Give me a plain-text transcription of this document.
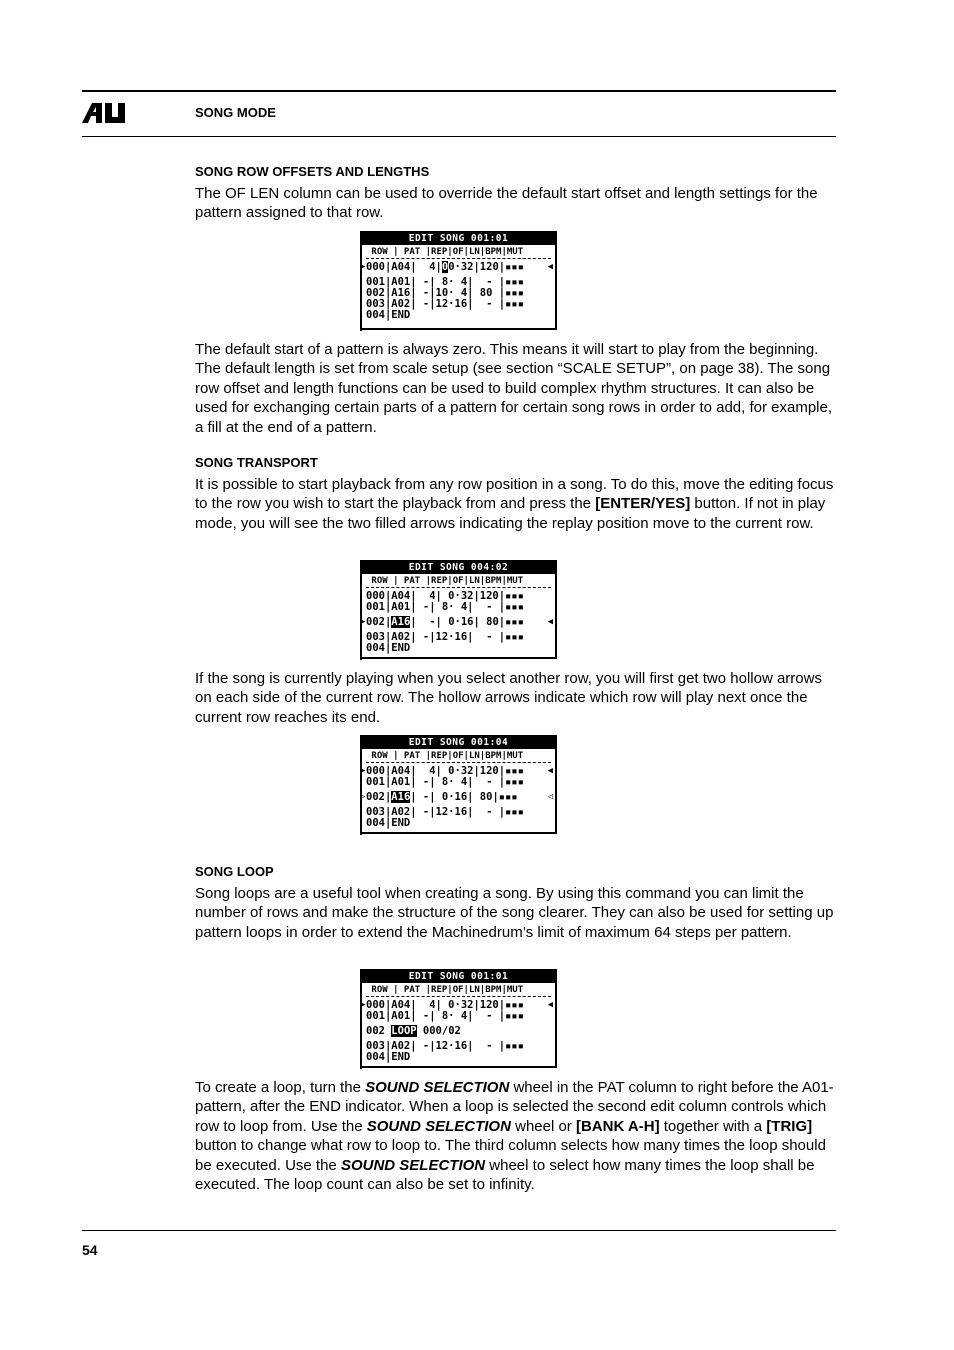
SONG MODE

SONG ROW OFFSETS AND LENGTHS

The OF LEN column can be used to override the default start offset and length settings for the pattern assigned to that row.

EDIT SONG 001:01
ROW | PAT |REP|OF|LN|BPM|MUT
▶ 000|A04|  4|00·32|120|▪▪▪	◀
001|A01| -| 8· 4|  - |▪▪▪
002|A16| -|10· 4| 80 |▪▪▪
003|A02| -|12·16|  - |▪▪▪
004|END

The default start of a pattern is always zero. This means it will start to play from the beginning. The default length is set from scale setup (see section “SCALE SETUP”, on page 38). The song row offset and length functions can be used to build complex rhythm structures. It can also be used for exchanging certain parts of a pattern for certain song rows in order to add, for example, a fill at the end of a pattern.

SONG TRANSPORT

It is possible to start playback from any row position in a song. To do this, move the editing focus to the row you wish to start the playback from and press the [ENTER/YES] button. If not in play mode, you will see the two filled arrows indicating the replay position move to the current row.

EDIT SONG 004:02
ROW | PAT |REP|OF|LN|BPM|MUT
000|A04|  4| 0·32|120|▪▪▪
001|A01| -| 8· 4|  - |▪▪▪
▶ 002|A16|  -| 0·16| 80|▪▪▪	◀
003|A02| -|12·16|  - |▪▪▪
004|END

If the song is currently playing when you select another row, you will first get two hollow arrows on each side of the current row. The hollow arrows indicate which row will play next once the current row reaches its end.

EDIT SONG 001:04
ROW | PAT |REP|OF|LN|BPM|MUT
▶ 000|A04|  4| 0·32|120|▪▪▪	◀
001|A01| -| 8· 4|  - |▪▪▪
▷ 002|A16| -| 0·16| 80|▪▪▪	◁
003|A02| -|12·16|  - |▪▪▪
004|END

SONG LOOP

Song loops are a useful tool when creating a song. By using this command you can limit the number of rows and make the structure of the song clearer. They can also be used for setting up pattern loops in order to extend the Machinedrum’s limit of maximum 64 steps per pattern.

EDIT SONG 001:01
ROW | PAT |REP|OF|LN|BPM|MUT
▶ 000|A04|  4| 0·32|120|▪▪▪	◀
001|A01| -| 8· 4|  - |▪▪▪
002 LOOP 000/02
003|A02| -|12·16|  - |▪▪▪
004|END

To create a loop, turn the SOUND SELECTION wheel in the PAT column to right before the A01-pattern, after the END indicator. When a loop is selected the second edit column controls which row to loop from. Use the SOUND SELECTION wheel or [BANK A-H] together with a [TRIG] button to change what row to loop to. The third column selects how many times the loop should be executed. Use the SOUND SELECTION wheel to select how many times the loop shall be executed. The loop count can also be set to infinity.

54
